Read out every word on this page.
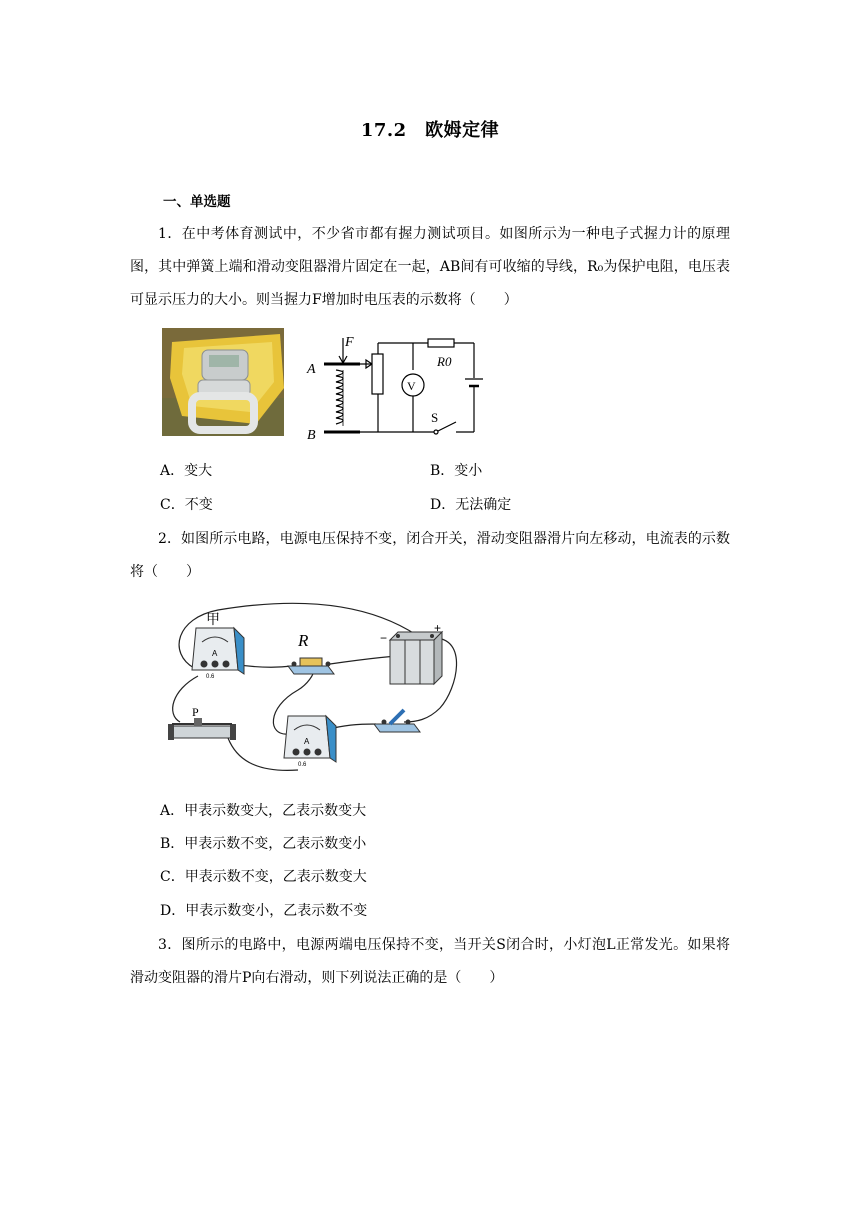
17.2　欧姆定律
一、单选题
1．在中考体育测试中，不少省市都有握力测试项目。如图所示为一种电子式握力计的原理图，其中弹簧上端和滑动变阻器滑片固定在一起，AB间有可收缩的导线，R₀为保护电阻，电压表可显示压力的大小。则当握力F增加时电压表的示数将（　　）
F
A
B
R0
V
S
A．变大	B．变小
C．不变	D．无法确定
2．如图所示电路，电源电压保持不变，闭合开关，滑动变阻器滑片向左移动，电流表的示数将（　　）
A
0.6
甲
R
+
−
P
A
0.6
A．甲表示数变大，乙表示数变大
B．甲表示数不变，乙表示数变小
C．甲表示数不变，乙表示数变大
D．甲表示数变小，乙表示数不变
3．图所示的电路中，电源两端电压保持不变，当开关S闭合时，小灯泡L正常发光。如果将滑动变阻器的滑片P向右滑动，则下列说法正确的是（　　）
